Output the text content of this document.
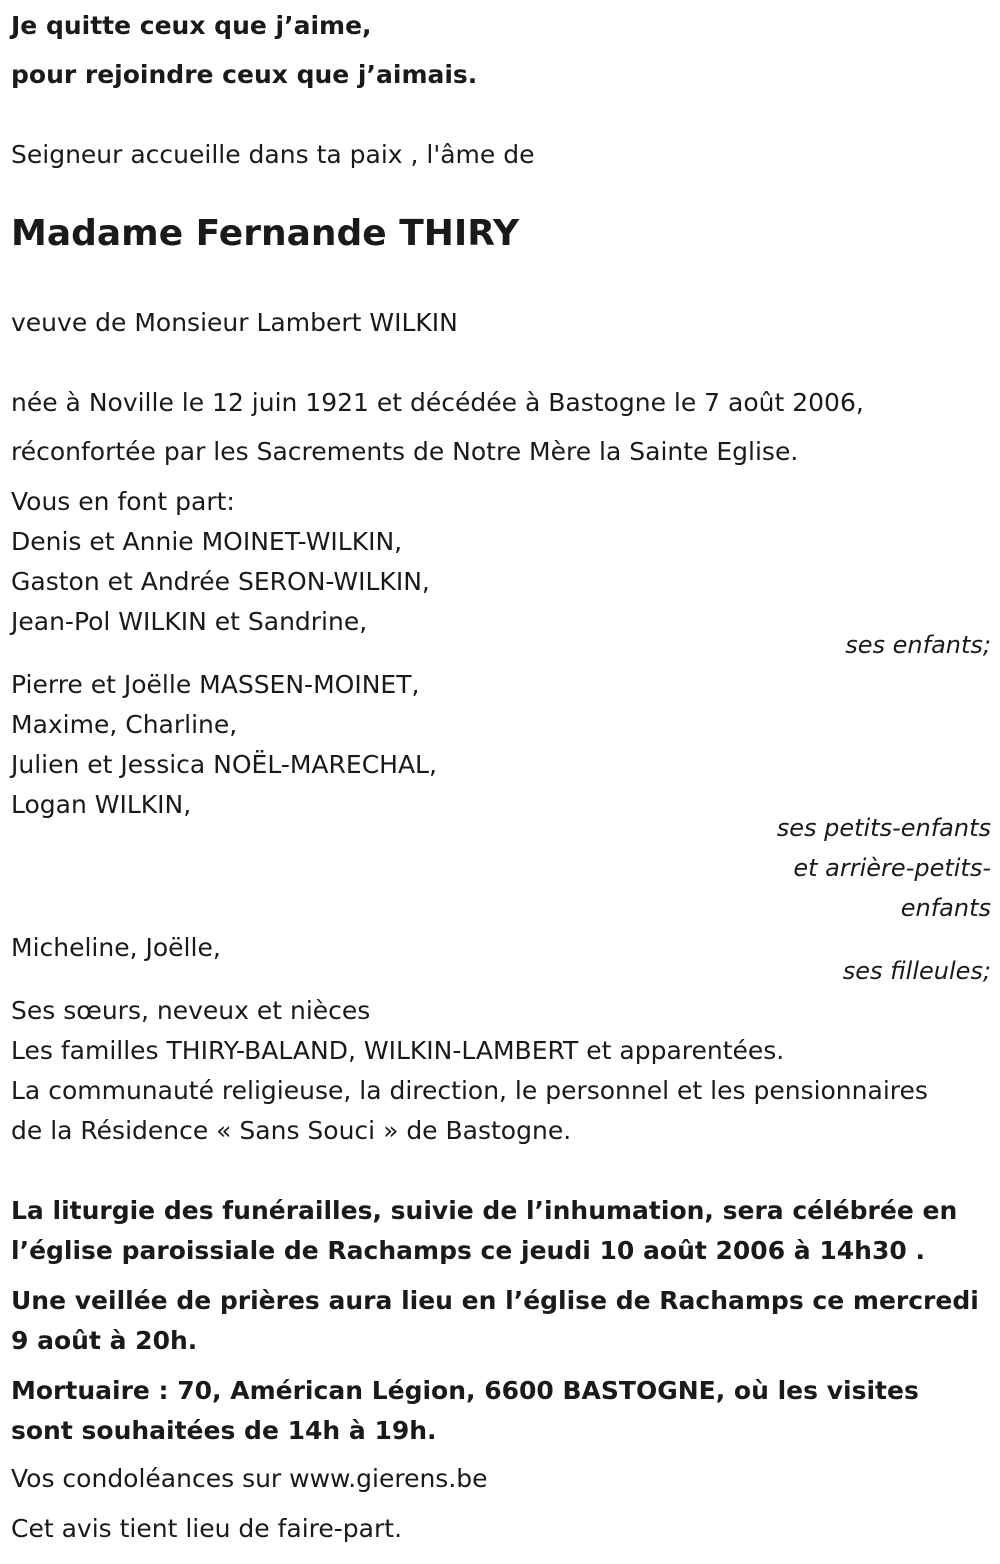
Je quitte ceux que j’aime,

pour rejoindre ceux que j’aimais.

Seigneur accueille dans ta paix , l'âme de

Madame Fernande THIRY

veuve de Monsieur Lambert WILKIN

née à Noville le 12 juin 1921 et décédée à Bastogne le 7 août 2006,

réconfortée par les Sacrements de Notre Mère la Sainte Eglise.

Vous en font part:

Denis et Annie MOINET-WILKIN,

Gaston et Andrée SERON-WILKIN,

Jean-Pol WILKIN et Sandrine,

ses enfants;

Pierre et Joëlle MASSEN-MOINET,

Maxime, Charline,

Julien et Jessica NOËL-MARECHAL,

Logan WILKIN,

ses petits-enfants

et arrière-petits-

enfants

Micheline, Joëlle,

ses filleules;

Ses sœurs, neveux et nièces

Les familles THIRY-BALAND, WILKIN-LAMBERT et apparentées.

La communauté religieuse, la direction, le personnel et les pensionnaires

de la Résidence « Sans Souci » de Bastogne.

La liturgie des funérailles, suivie de l’inhumation, sera célébrée en l’église paroissiale de Rachamps ce jeudi 10 août 2006 à 14h30 .

Une veillée de prières aura lieu en l’église de Rachamps ce mercredi 9 août à 20h.

Mortuaire : 70, Américan Légion, 6600 BASTOGNE, où les visites sont souhaitées de 14h à 19h.

Vos condoléances sur www.gierens.be

Cet avis tient lieu de faire-part.
